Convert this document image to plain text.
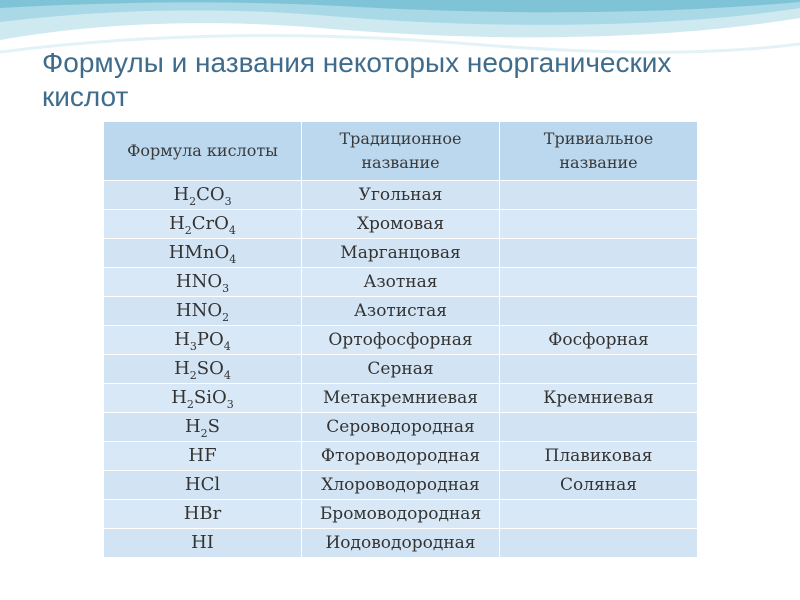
Формулы и названия некоторых неорганических кислот
Формула кислоты	Традиционное название	Тривиальное название
$H_2CO_3$	Угольная	
$H_2CrO_4$	Хромовая	
HMnO$_4$	Марганцовая	
$HNO_3$	Азотная	
$HNO_2$	Азотистая	
$H_3PO_4$	Ортофосфорная	Фосфорная
$H_2SO_4$	Серная	
$H_2SiO_3$	Метакремниевая	Кремниевая
$H_2S$	Сероводородная	
HF	Фтороводородная	Плавиковая
HCl	Хлороводородная	Соляная
HBr	Бромоводородная	
HI	Иодоводородная	
